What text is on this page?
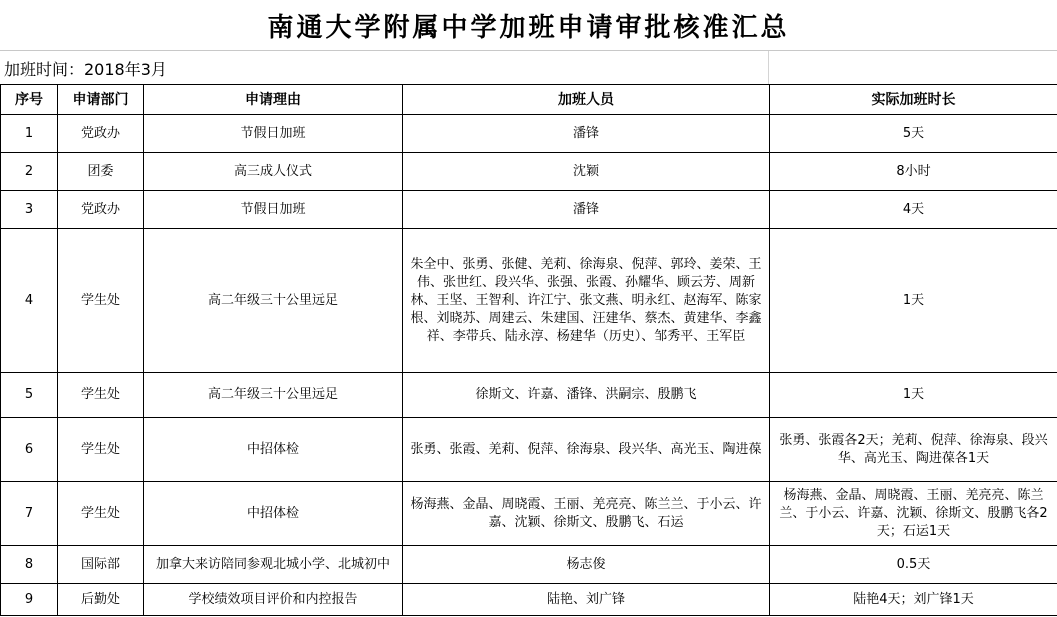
南通大学附属中学加班申请审批核准汇总
加班时间：2018年3月
序号	申请部门	申请理由	加班人员	实际加班时长
1	党政办	节假日加班	潘锋	5天
2	团委	高三成人仪式	沈颖	8小时
3	党政办	节假日加班	潘锋	4天
4	学生处	高二年级三十公里远足	朱全中、张勇、张健、羌莉、徐海泉、倪萍、郭玲、姜荣、王伟、张世红、段兴华、张强、张霞、孙耀华、顾云芳、周新林、王坚、王智利、许江宁、张文燕、明永红、赵海军、陈家根、刘晓苏、周建云、朱建国、汪建华、蔡杰、黄建华、李鑫祥、李带兵、陆永淳、杨建华（历史）、邹秀平、王军臣	1天
5	学生处	高二年级三十公里远足	徐斯文、许嘉、潘锋、洪嗣宗、殷鹏飞	1天
6	学生处	中招体检	张勇、张霞、羌莉、倪萍、徐海泉、段兴华、高光玉、陶进葆	张勇、张霞各2天；羌莉、倪萍、徐海泉、段兴华、高光玉、陶进葆各1天
7	学生处	中招体检	杨海燕、金晶、周晓霞、王丽、羌亮亮、陈兰兰、于小云、许嘉、沈颖、徐斯文、殷鹏飞、石运	杨海燕、金晶、周晓霞、王丽、羌亮亮、陈兰兰、于小云、许嘉、沈颖、徐斯文、殷鹏飞各2天；石运1天
8	国际部	加拿大来访陪同参观北城小学、北城初中	杨志俊	0.5天
9	后勤处	学校绩效项目评价和内控报告	陆艳、刘广锋	陆艳4天；刘广锋1天
